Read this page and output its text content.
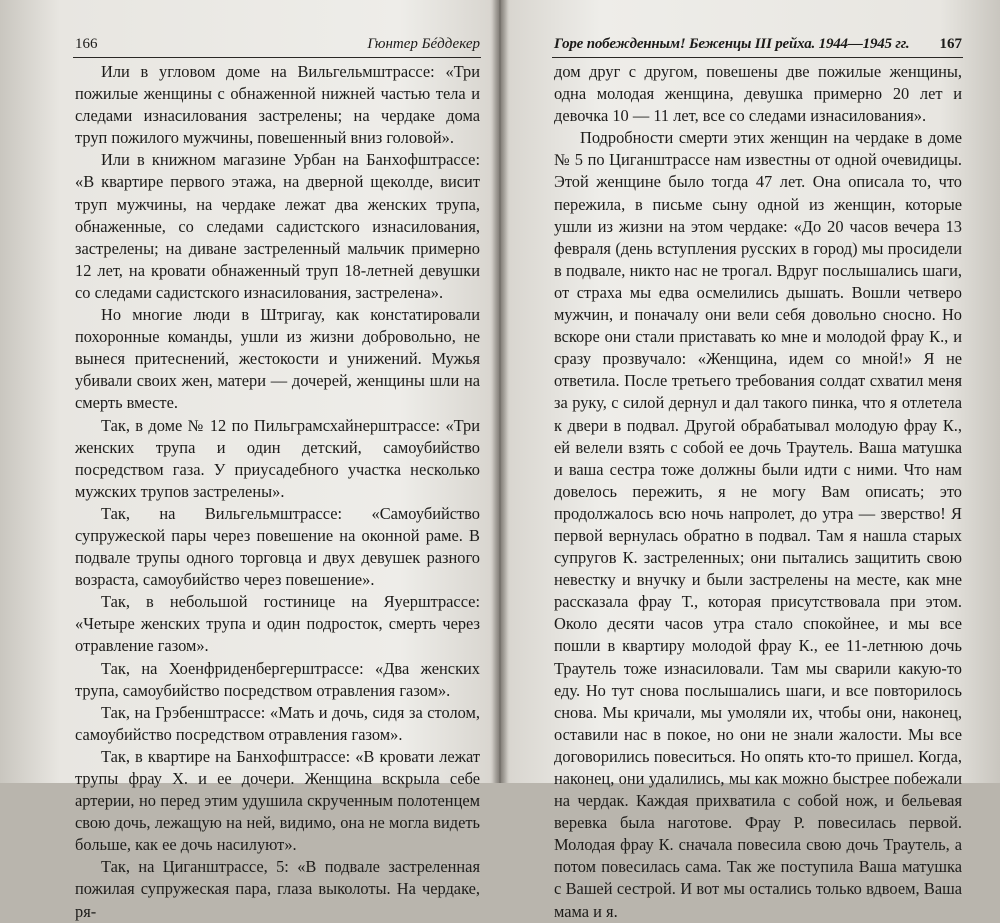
166	Гюнтер Бéддекер

Или в угловом доме на Вильгельмштрассе: «Три пожилые женщины с обнаженной нижней частью тела и следами изнасилования застрелены; на чердаке дома труп пожилого мужчины, повешенный вниз головой».

Или в книжном магазине Урбан на Банхофштрассе: «В квартире первого этажа, на дверной щеколде, висит труп мужчины, на чердаке лежат два женских трупа, обнаженные, со следами садистского изнасилования, застрелены; на диване застреленный мальчик примерно 12 лет, на кровати обнаженный труп 18-летней девушки со следами садистского изнасилования, застрелена».

Но многие люди в Штригау, как констатировали похоронные команды, ушли из жизни добровольно, не вынеся притеснений, жестокости и унижений. Мужья убивали своих жен, матери — дочерей, женщины шли на смерть вместе.

Так, в доме № 12 по Пильграмсхайнерштрассе: «Три женских трупа и один детский, самоубийство посредством газа. У приусадебного участка несколько мужских трупов застрелены».

Так, на Вильгельмштрассе: «Самоубийство супружеской пары через повешение на оконной раме. В подвале трупы одного торговца и двух девушек разного возраста, самоубийство через повешение».

Так, в небольшой гостинице на Яуерштрассе: «Четыре женских трупа и один подросток, смерть через отравление газом».

Так, на Хоенфриденбергерштрассе: «Два женских трупа, самоубийство посредством отравления газом».

Так, на Грэбенштрассе: «Мать и дочь, сидя за столом, самоубийство посредством отравления газом».

Так, в квартире на Банхофштрассе: «В кровати лежат трупы фрау Х. и ее дочери. Женщина вскрыла себе артерии, но перед этим удушила скрученным полотенцем свою дочь, лежащую на ней, видимо, она не могла видеть больше, как ее дочь насилуют».

Так, на Циганштрассе, 5: «В подвале застреленная пожилая супружеская пара, глаза выколоты. На чердаке, ря-

Горе побежденным! Беженцы III рейха. 1944—1945 гг. 167

дом друг с другом, повешены две пожилые женщины, одна молодая женщина, девушка примерно 20 лет и девочка 10 — 11 лет, все со следами изнасилования».

Подробности смерти этих женщин на чердаке в доме № 5 по Циганштрассе нам известны от одной очевидицы. Этой женщине было тогда 47 лет. Она описала то, что пережила, в письме сыну одной из женщин, которые ушли из жизни на этом чердаке: «До 20 часов вечера 13 февраля (день вступления русских в город) мы просидели в подвале, никто нас не трогал. Вдруг послышались шаги, от страха мы едва осмелились дышать. Вошли четверо мужчин, и поначалу они вели себя довольно сносно. Но вскоре они стали приставать ко мне и молодой фрау К., и сразу прозвучало: «Женщина, идем со мной!» Я не ответила. После третьего требования солдат схватил меня за руку, с силой дернул и дал такого пинка, что я отлетела к двери в подвал. Другой обрабатывал молодую фрау К., ей велели взять с собой ее дочь Траутель. Ваша матушка и ваша сестра тоже должны были идти с ними. Что нам довелось пережить, я не могу Вам описать; это продолжалось всю ночь напролет, до утра — зверство! Я первой вернулась обратно в подвал. Там я нашла старых супругов К. застреленных; они пытались защитить свою невестку и внучку и были застрелены на месте, как мне рассказала фрау Т., которая присутствовала при этом. Около десяти часов утра стало спокойнее, и мы все пошли в квартиру молодой фрау К., ее 11-летнюю дочь Траутель тоже изнасиловали. Там мы сварили какую-то еду. Но тут снова послышались шаги, и все повторилось снова. Мы кричали, мы умоляли их, чтобы они, наконец, оставили нас в покое, но они не знали жалости. Мы все договорились повеситься. Но опять кто-то пришел. Когда, наконец, они удалились, мы как можно быстрее побежали на чердак. Каждая прихватила с собой нож, и бельевая веревка была наготове. Фрау Р. повесилась первой. Молодая фрау К. сначала повесила свою дочь Траутель, а потом повесилась сама. Так же поступила Ваша матушка с Вашей сестрой. И вот мы остались только вдвоем, Ваша мама и я.
